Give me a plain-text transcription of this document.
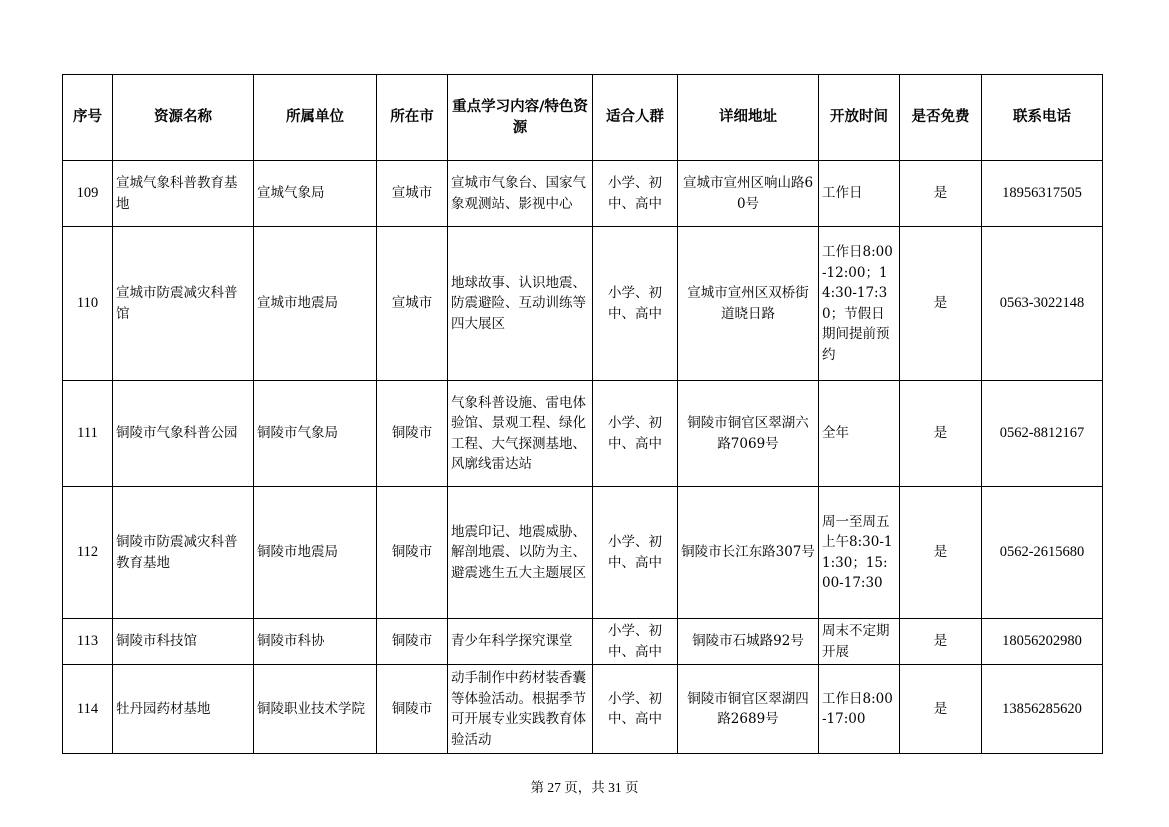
序号	资源名称	所属单位	所在市	重点学习内容/特色资源	适合人群	详细地址	开放时间	是否免费	联系电话
109	宣城气象科普教育基地	宣城气象局	宣城市	宣城市气象台、国家气象观测站、影视中心	小学、初中、高中	宣城市宣州区响山路60号	工作日	是	18956317505
110	宣城市防震减灾科普馆	宣城市地震局	宣城市	地球故事、认识地震、防震避险、互动训练等四大展区	小学、初中、高中	宣城市宣州区双桥街道晓日路	工作日8:00-12:00；14:30-17:30；节假日期间提前预约	是	0563-3022148
111	铜陵市气象科普公园	铜陵市气象局	铜陵市	气象科普设施、雷电体验馆、景观工程、绿化工程、大气探测基地、风廓线雷达站	小学、初中、高中	铜陵市铜官区翠湖六路7069号	全年	是	0562-8812167
112	铜陵市防震减灾科普教育基地	铜陵市地震局	铜陵市	地震印记、地震威胁、解剖地震、以防为主、避震逃生五大主题展区	小学、初中、高中	铜陵市长江东路307号	周一至周五上午8:30-11:30；15:00-17:30	是	0562-2615680
113	铜陵市科技馆	铜陵市科协	铜陵市	青少年科学探究课堂	小学、初中、高中	铜陵市石城路92号	周末不定期开展	是	18056202980
114	牡丹园药材基地	铜陵职业技术学院	铜陵市	动手制作中药材装香囊等体验活动。根据季节可开展专业实践教育体验活动	小学、初中、高中	铜陵市铜官区翠湖四路2689号	工作日8:00-17:00	是	13856285620
第 27 页，共 31 页
